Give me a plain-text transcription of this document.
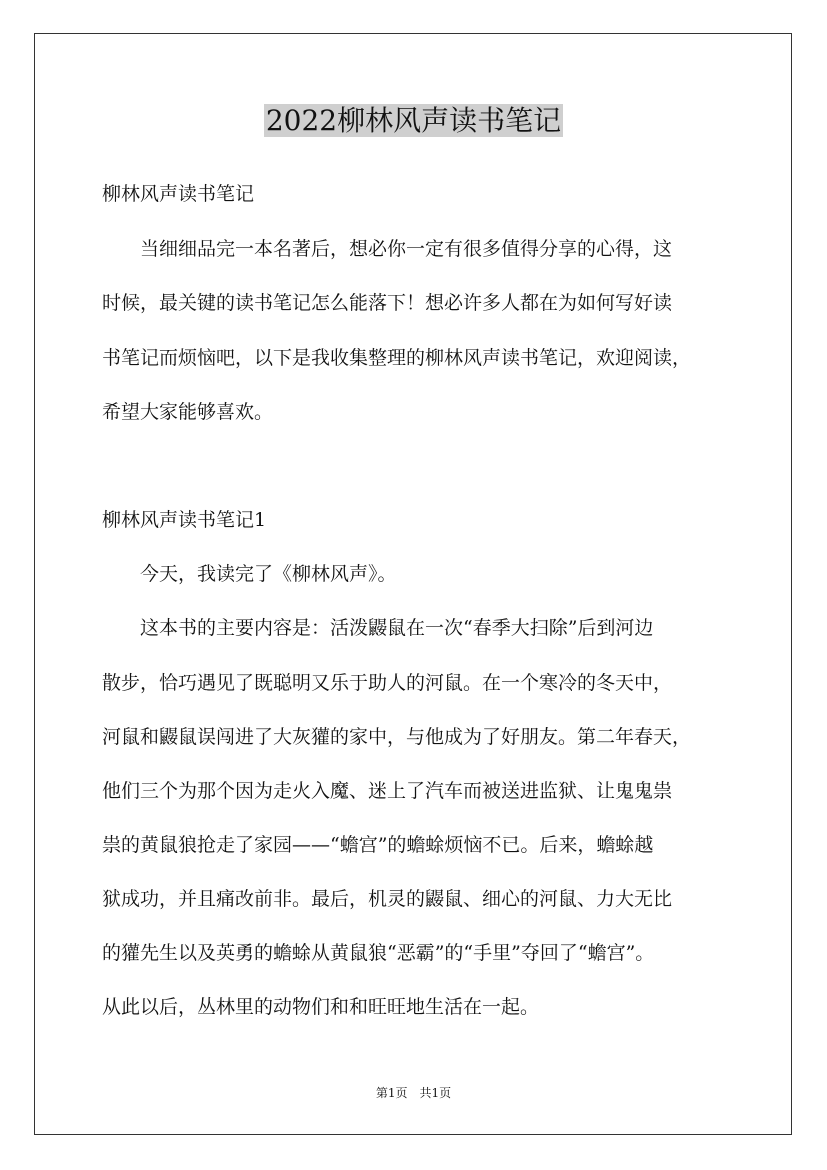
2022柳林风声读书笔记

柳林风声读书笔记

　　当细细品完一本名著后，想必你一定有很多值得分享的心得，这

时候，最关键的读书笔记怎么能落下！想必许多人都在为如何写好读

书笔记而烦恼吧，以下是我收集整理的柳林风声读书笔记，欢迎阅读，

希望大家能够喜欢。

柳林风声读书笔记1

　　今天，我读完了《柳林风声》。

　　这本书的主要内容是：活泼鼹鼠在一次“春季大扫除”后到河边

散步，恰巧遇见了既聪明又乐于助人的河鼠。在一个寒冷的冬天中，

河鼠和鼹鼠误闯进了大灰獾的家中，与他成为了好朋友。第二年春天，

他们三个为那个因为走火入魔、迷上了汽车而被送进监狱、让鬼鬼祟

祟的黄鼠狼抢走了家园——“蟾宫”的蟾蜍烦恼不已。后来，蟾蜍越

狱成功，并且痛改前非。最后，机灵的鼹鼠、细心的河鼠、力大无比

的獾先生以及英勇的蟾蜍从黄鼠狼“恶霸”的“手里”夺回了“蟾宫”。

从此以后，丛林里的动物们和和旺旺地生活在一起。

第1页　共1页
